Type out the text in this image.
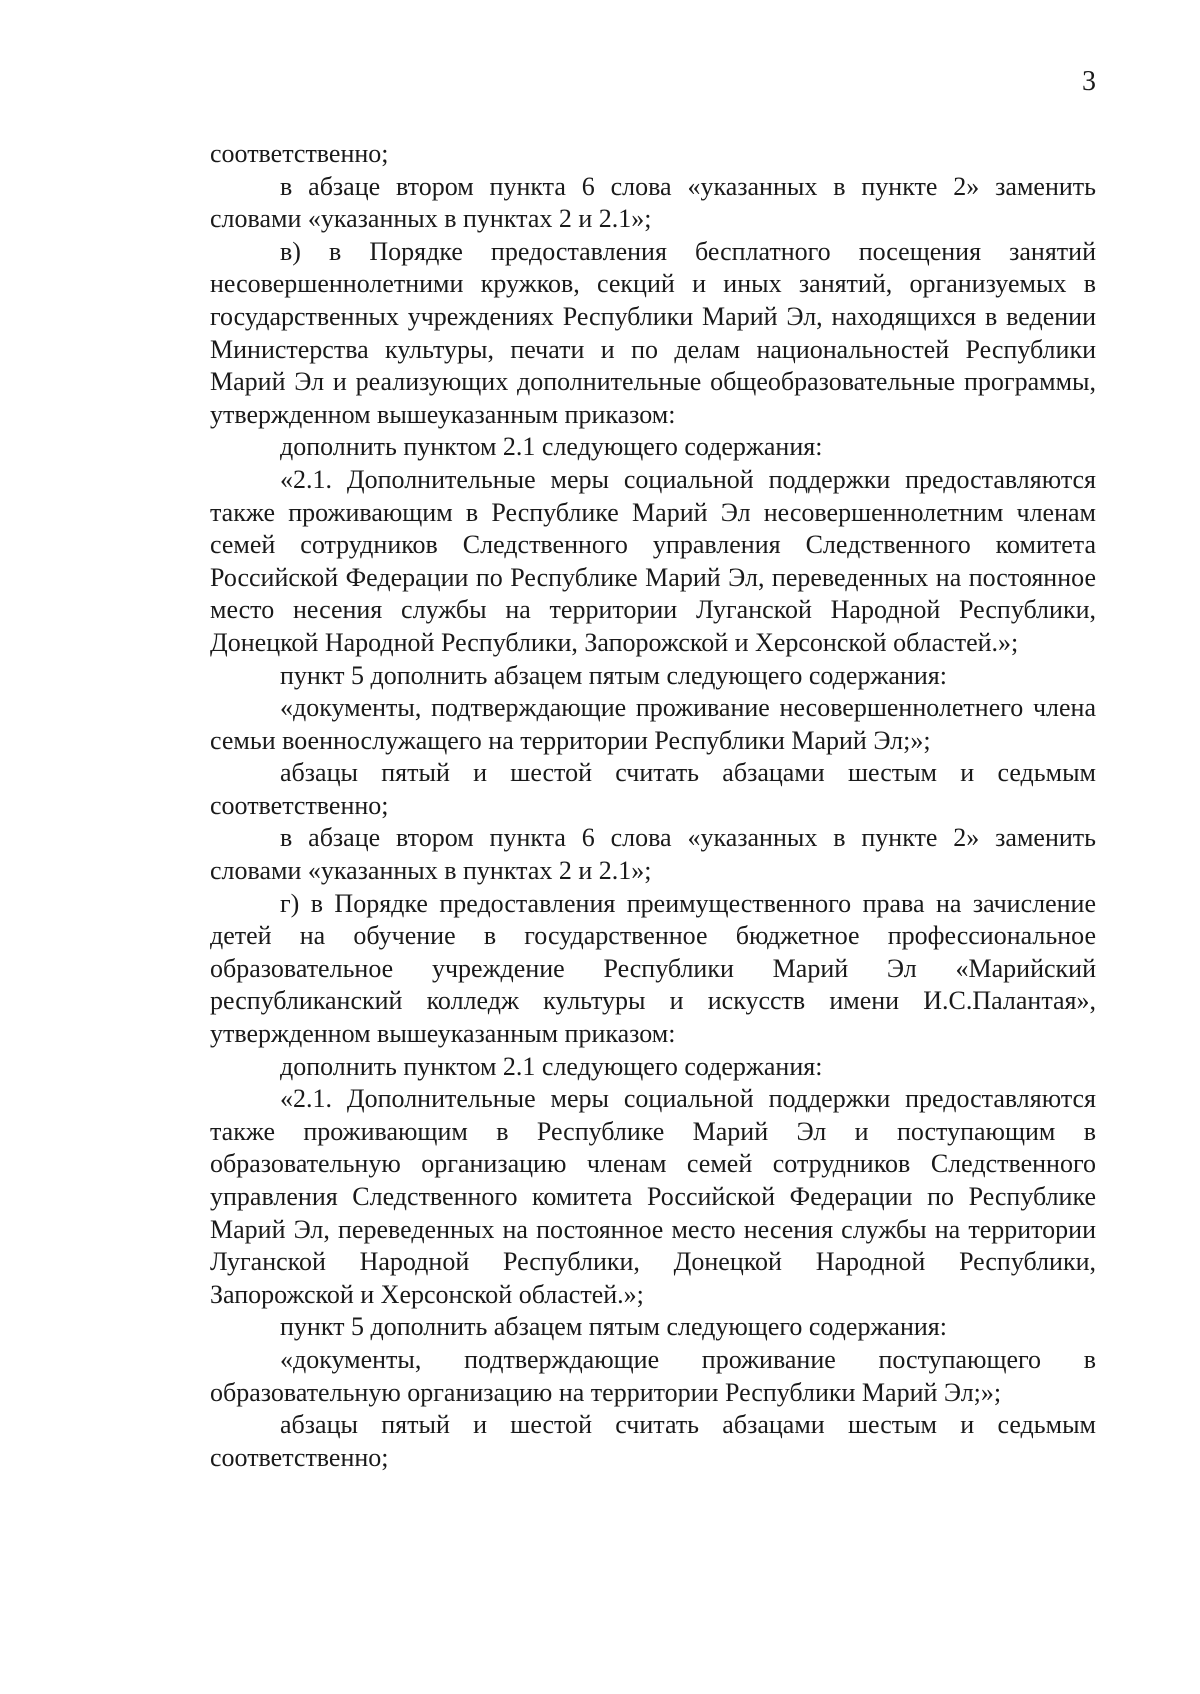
3

соответственно;

в абзаце втором пункта 6 слова «указанных в пункте 2» заменить словами «указанных в пунктах 2 и 2.1»;

в) в Порядке предоставления бесплатного посещения занятий несовершеннолетними кружков, секций и иных занятий, организуемых в государственных учреждениях Республики Марий Эл, находящихся в ведении Министерства культуры, печати и по делам национальностей Республики Марий Эл и реализующих дополнительные общеобразовательные программы, утвержденном вышеуказанным приказом:

дополнить пунктом 2.1 следующего содержания:

«2.1. Дополнительные меры социальной поддержки предоставляются также проживающим в Республике Марий Эл несовершеннолетним членам семей сотрудников Следственного управления Следственного комитета Российской Федерации по Республике Марий Эл, переведенных на постоянное место несения службы на территории Луганской Народной Республики, Донецкой Народной Республики, Запорожской и Херсонской областей.»;

пункт 5 дополнить абзацем пятым следующего содержания:

«документы, подтверждающие проживание несовершеннолетнего члена семьи военнослужащего на территории Республики Марий Эл;»;

абзацы пятый и шестой считать абзацами шестым и седьмым соответственно;

в абзаце втором пункта 6 слова «указанных в пункте 2» заменить словами «указанных в пунктах 2 и 2.1»;

г) в Порядке предоставления преимущественного права на зачисление детей на обучение в государственное бюджетное профессиональное образовательное учреждение Республики Марий Эл «Марийский республиканский колледж культуры и искусств имени И.С.Палантая», утвержденном вышеуказанным приказом:

дополнить пунктом 2.1 следующего содержания:

«2.1. Дополнительные меры социальной поддержки предоставляются также проживающим в Республике Марий Эл и поступающим в образовательную организацию членам семей сотрудников Следственного управления Следственного комитета Российской Федерации по Республике Марий Эл, переведенных на постоянное место несения службы на территории Луганской Народной Республики, Донецкой Народной Республики, Запорожской и Херсонской областей.»;

пункт 5 дополнить абзацем пятым следующего содержания:

«документы, подтверждающие проживание поступающего в образовательную организацию на территории Республики Марий Эл;»;

абзацы пятый и шестой считать абзацами шестым и седьмым соответственно;
